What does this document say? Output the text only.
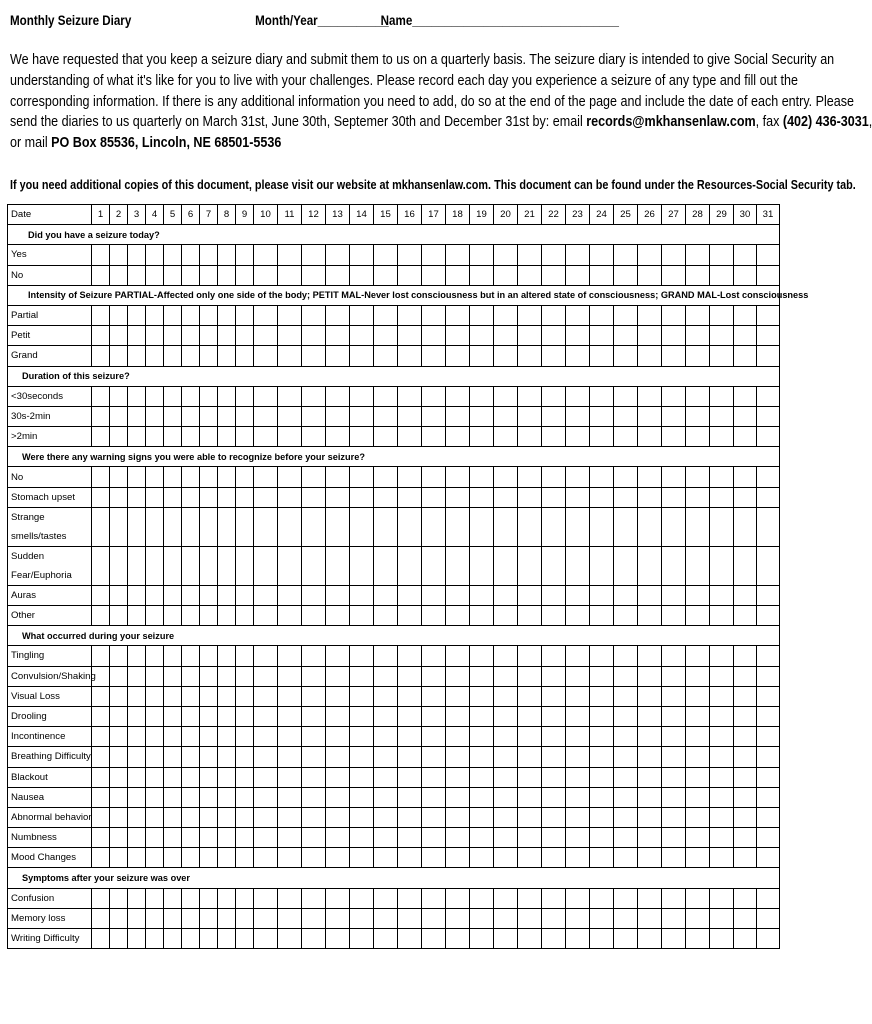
Monthly Seizure Diary	Month/Year___________
Name________________________________
We have requested that you keep a seizure diary and submit them to us on a quarterly basis. The seizure diary is intended to give Social Security an
understanding of what it's like for you to live with your challenges. Please record each day you experience a seizure of any type and fill out the
corresponding information. If there is any additional information you need to add, do so at the end of the page and include the date of each entry. Please
send the diaries to us quarterly on March 31st, June 30th, Septemer 30th and December 31st by: email records@mkhansenlaw.com, fax (402) 436-3031,
or mail PO Box 85536, Lincoln, NE 68501-5536
If you need additional copies of this document, please visit our website at mkhansenlaw.com. This document can be found under the Resources-Social Security tab.
Date	1	2	3	4	5	6	7	8	9	10	11	12	13	14	15	16	17	18	19	20	21	22	23	24	25	26	27	28	29	30	31
Did you have a seizure today?																															

Yes																															

No																															

Intensity of Seizure PARTIAL-Affected only one side of the body; PETIT MAL-Never lost consciousness but in an altered state of consciousness; GRAND MAL-Lost consciousness																															

Partial																															

Petit																															

Grand																															

Duration of this seizure?																															

<30seconds																															

30s-2min																															

>2min																															

Were there any warning signs you were able to recognize before your seizure?																															

No																															

Stomach upset																															

Strange
smells/tastes																															

Sudden
Fear/Euphoria																															

Auras																															

Other																															

What occurred during your seizure																															

Tingling																															

Convulsion/Shaking																															

Visual Loss																															

Drooling																															

Incontinence																															

Breathing Difficulty																															

Blackout																															

Nausea																															

Abnormal behavior																															

Numbness																															

Mood Changes																															

Symptoms after your seizure was over																															

Confusion																															

Memory loss																															

Writing Difficulty																															
